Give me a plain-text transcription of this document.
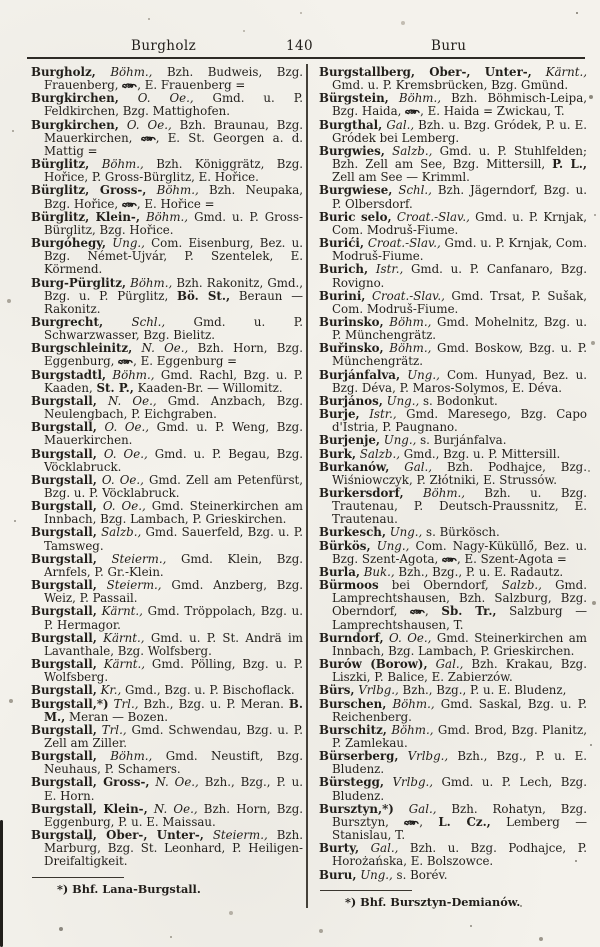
Burgholz	140	Buru

Burgholz, Böhm., Bzh. Budweis, Bzg. Frauenberg, , E. Frauenberg =

Burgkirchen, O. Oe., Gmd. u. P. Feldkirchen, Bzg. Mattighofen.

Burgkirchen, O. Oe., Bzh. Braunau, Bzg. Mauerkirchen, , E. St. Georgen a. d. Mattig =

Bürglitz, Böhm., Bzh. Königgrätz, Bzg. Hořice, P. Gross-Bürglitz, E. Hořice.

Bürglitz, Gross-, Böhm., Bzh. Neupaka, Bzg. Hořice, , E. Hořice =

Bürglitz, Klein-, Böhm., Gmd. u. P. Gross-Bürglitz, Bzg. Hořice.

Burgóhegy, Ung., Com. Eisenburg, Bez. u. Bzg. Német-Ujvár, P. Szentelek, E. Körmend.

Burg-Pürglitz, Böhm., Bzh. Rakonitz, Gmd., Bzg. u. P. Pürglitz, Bö. St., Beraun — Rakonitz.

Burgrecht, Schl., Gmd. u. P. Schwarzwasser, Bzg. Bielitz.

Burgschleinitz, N. Oe., Bzh. Horn, Bzg. Eggenburg, , E. Eggenburg =

Burgstadtl, Böhm., Gmd. Rachl, Bzg. u. P. Kaaden, St. P., Kaaden-Br. — Willomitz.

Burgstall, N. Oe., Gmd. Anzbach, Bzg. Neulengbach, P. Eichgraben.

Burgstall, O. Oe., Gmd. u. P. Weng, Bzg. Mauerkirchen.

Burgstall, O. Oe., Gmd. u. P. Begau, Bzg. Vöcklabruck.

Burgstall, O. Oe., Gmd. Zell am Petenfürst, Bzg. u. P. Vöcklabruck.

Burgstall, O. Oe., Gmd. Steinerkirchen am Innbach, Bzg. Lambach, P. Grieskirchen.

Burgstall, Salzb., Gmd. Sauerfeld, Bzg. u. P. Tamsweg.

Burgstall, Steierm., Gmd. Klein, Bzg. Arnfels, P. Gr.-Klein.

Burgstall, Steierm., Gmd. Anzberg, Bzg. Weiz, P. Passail.

Burgstall, Kärnt., Gmd. Tröppolach, Bzg. u. P. Hermagor.

Burgstall, Kärnt., Gmd. u. P. St. Andrä im Lavanthale, Bzg. Wolfsberg.

Burgstall, Kärnt., Gmd. Pölling, Bzg. u. P. Wolfsberg.

Burgstall, Kr., Gmd., Bzg. u. P. Bischoflack.

Burgstall,*) Trl., Bzh., Bzg. u. P. Meran. B. M., Meran — Bozen.

Burgstall, Trl., Gmd. Schwendau, Bzg. u. P. Zell am Ziller.

Burgstall, Böhm., Gmd. Neustift, Bzg. Neuhaus, P. Schamers.

Burgstall, Gross-, N. Oe., Bzh., Bzg., P. u. E. Horn.

Burgstall, Klein-, N. Oe., Bzh. Horn, Bzg. Eggenburg, P. u. E. Maissau.

Burgstall, Ober-, Unter-, Steierm., Bzh. Marburg, Bzg. St. Leonhard, P. Heiligen-Dreifaltigkeit.

*) Bhf. Lana-Burgstall.

Burgstallberg, Ober-, Unter-, Kärnt., Gmd. u. P. Kremsbrücken, Bzg. Gmünd.

Bürgstein, Böhm., Bzh. Böhmisch-Leipa, Bzg. Haida, , E. Haida = Zwickau, T.

Burgthal, Gal., Bzh. u. Bzg. Gródek, P. u. E. Gródek bei Lemberg.

Burgwies, Salzb., Gmd. u. P. Stuhlfelden; Bzh. Zell am See, Bzg. Mittersill, P. L., Zell am See — Krimml.

Burgwiese, Schl., Bzh. Jägerndorf, Bzg. u. P. Olbersdorf.

Buric selo, Croat.-Slav., Gmd. u. P. Krnjak, Com. Modruš-Fiume.

Burići, Croat.-Slav., Gmd. u. P. Krnjak, Com. Modruš-Fiume.

Burich, Istr., Gmd. u. P. Canfanaro, Bzg. Rovigno.

Burini, Croat.-Slav., Gmd. Trsat, P. Sušak, Com. Modruš-Fiume.

Burinsko, Böhm., Gmd. Mohelnitz, Bzg. u. P. Münchengrätz.

Buřinsko, Böhm., Gmd. Boskow, Bzg. u. P. Münchengrätz.

Burjánfalva, Ung., Com. Hunyad, Bez. u. Bzg. Déva, P. Maros-Solymos, E. Déva.

Burjános, Ung., s. Bodonkut.

Burje, Istr., Gmd. Maresego, Bzg. Capo d'Istria, P. Paugnano.

Burjenje, Ung., s. Burjánfalva.

Burk, Salzb., Gmd., Bzg. u. P. Mittersill.

Burkanów, Gal., Bzh. Podhajce, Bzg. Wiśniowczyk, P. Złótniki, E. Strussów.

Burkersdorf, Böhm., Bzh. u. Bzg. Trautenau, P. Deutsch-Praussnitz, E. Trautenau.

Burkesch, Ung., s. Bürkösch.

Bürkös, Ung., Com. Nagy-Küküllő, Bez. u. Bzg. Szent-Agota, , E. Szent-Agota =

Burla, Buk., Bzh., Bzg., P. u. E. Radautz.

Bürmoos bei Oberndorf, Salzb., Gmd. Lamprechtshausen, Bzh. Salzburg, Bzg. Oberndorf, , Sb. Tr., Salzburg — Lamprechtshausen, T.

Burndorf, O. Oe., Gmd. Steinerkirchen am Innbach, Bzg. Lambach, P. Grieskirchen.

Burów (Borow), Gal., Bzh. Krakau, Bzg. Liszki, P. Balice, E. Zabierzów.

Bürs, Vrlbg., Bzh., Bzg., P. u. E. Bludenz,

Burschen, Böhm., Gmd. Saskal, Bzg. u. P. Reichenberg.

Burschitz, Böhm., Gmd. Brod, Bzg. Planitz, P. Zamlekau.

Bürserberg, Vrlbg., Bzh., Bzg., P. u. E. Bludenz.

Bürstegg, Vrlbg., Gmd. u. P. Lech, Bzg. Bludenz.

Bursztyn,*) Gal., Bzh. Rohatyn, Bzg. Bursztyn, , L. Cz., Lemberg — Stanislau, T.

Burty, Gal., Bzh. u. Bzg. Podhajce, P. Horożańska, E. Bolszowce.

Buru, Ung., s. Borév.

*) Bhf. Bursztyn-Demianów.
